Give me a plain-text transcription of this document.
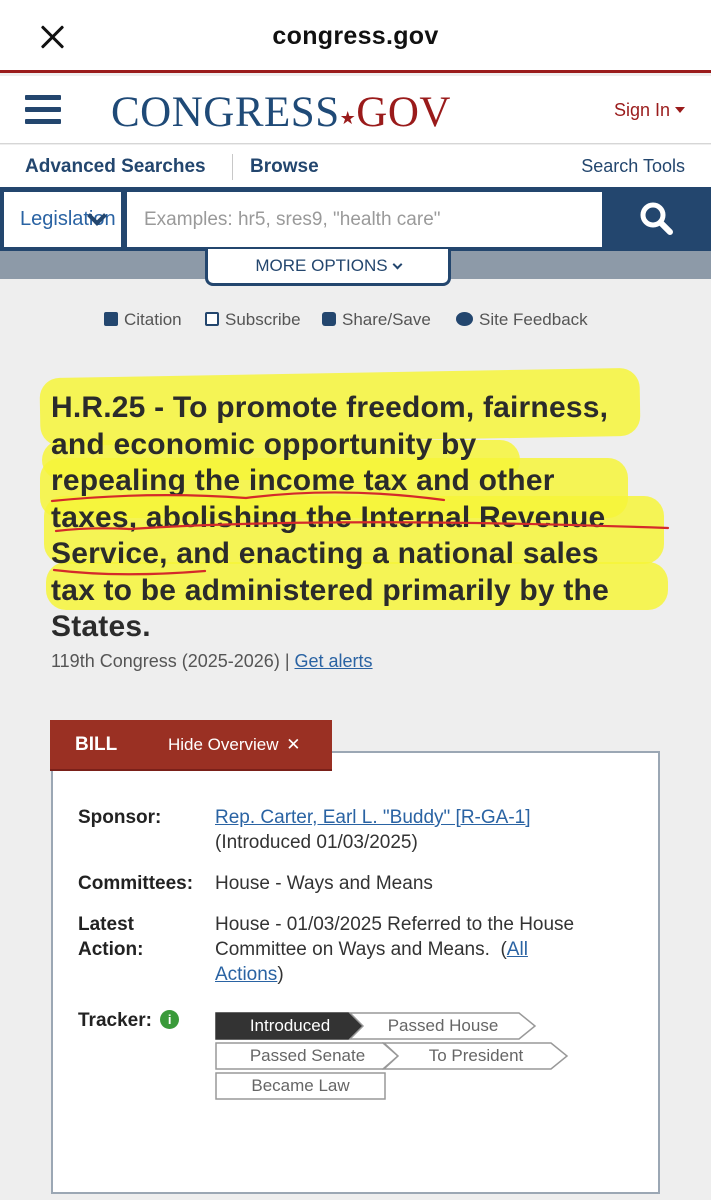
congress.gov
CONGRESS★GOV	Sign In
Advanced Searches Browse	Search Tools
Legislation
Examples: hr5, sres9, "health care"
MORE OPTIONS
Citation	Subscribe	Share/Save	Site Feedback
H.R.25 - To promote freedom, fairness,
and economic opportunity by
repealing the income tax and other
taxes, abolishing the Internal Revenue
Service, and enacting a national sales
tax to be administered primarily by the
States.
119th Congress (2025-2026) | Get alerts
BILL	Hide Overview ✕
Sponsor:	Rep. Carter, Earl L. "Buddy" [R-GA-1]
(Introduced 01/03/2025)
Committees: House - Ways and Means
Latest
Action:
House - 01/03/2025 Referred to the House
Committee on Ways and Means.  (All
Actions)
Tracker: i	Introduced	Passed House
Passed Senate	To President
Became Law
